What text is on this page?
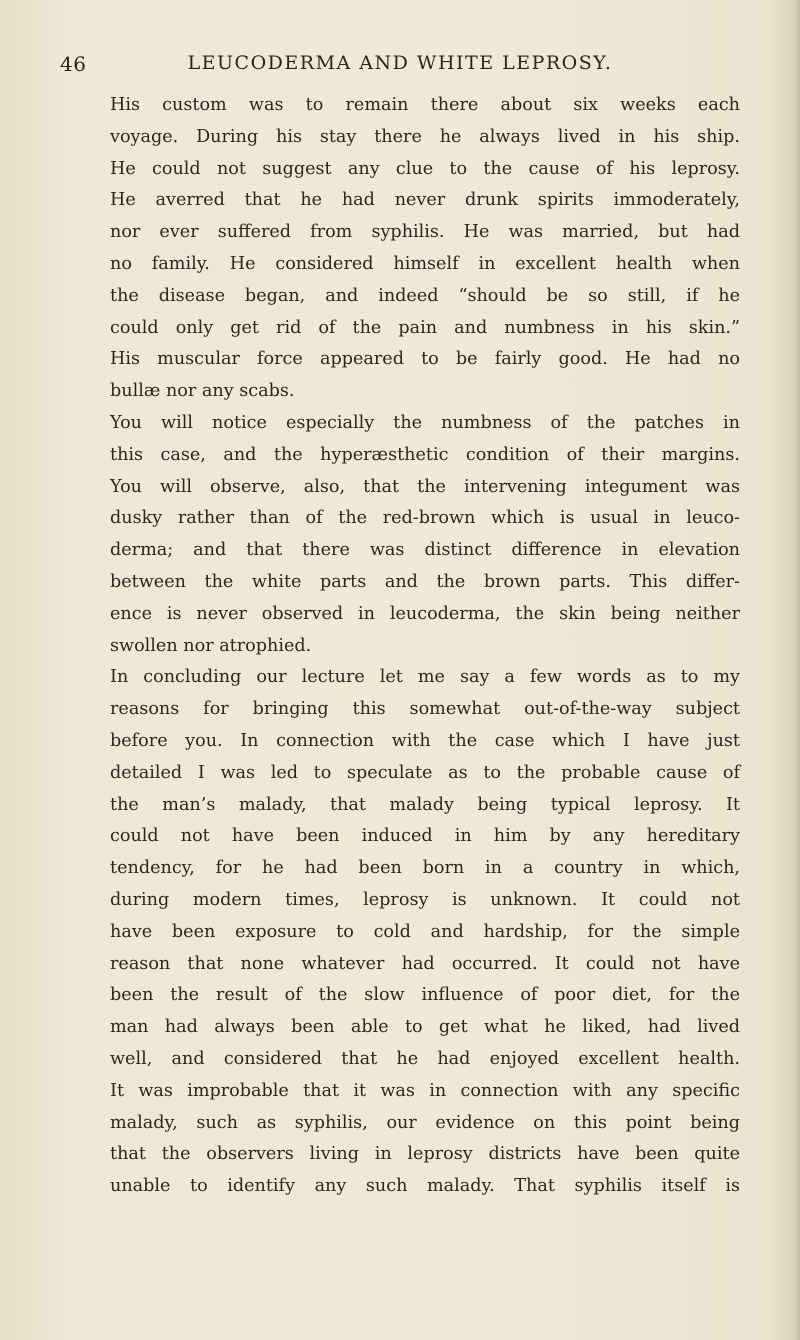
46	LEUCODERMA AND WHITE LEPROSY.
His custom was to remain there about six weeks each
voyage. During his stay there he always lived in his ship.
He could not suggest any clue to the cause of his leprosy.
He averred that he had never drunk spirits immoderately,
nor ever suffered from syphilis. He was married, but had
no family. He considered himself in excellent health when
the disease began, and indeed “should be so still, if he
could only get rid of the pain and numbness in his skin.”
His muscular force appeared to be fairly good. He had no
bullæ nor any scabs.
You will notice especially the numbness of the patches in
this case, and the hyperæsthetic condition of their margins.
You will observe, also, that the intervening integument was
dusky rather than of the red-brown which is usual in leuco-
derma; and that there was distinct difference in elevation
between the white parts and the brown parts. This differ-
ence is never observed in leucoderma, the skin being neither
swollen nor atrophied.
In concluding our lecture let me say a few words as to my
reasons for bringing this somewhat out-of-the-way subject
before you. In connection with the case which I have just
detailed I was led to speculate as to the probable cause of
the man’s malady, that malady being typical leprosy. It
could not have been induced in him by any hereditary
tendency, for he had been born in a country in which,
during modern times, leprosy is unknown. It could not
have been exposure to cold and hardship, for the simple
reason that none whatever had occurred. It could not have
been the result of the slow influence of poor diet, for the
man had always been able to get what he liked, had lived
well, and considered that he had enjoyed excellent health.
It was improbable that it was in connection with any specific
malady, such as syphilis, our evidence on this point being
that the observers living in leprosy districts have been quite
unable to identify any such malady. That syphilis itself is
